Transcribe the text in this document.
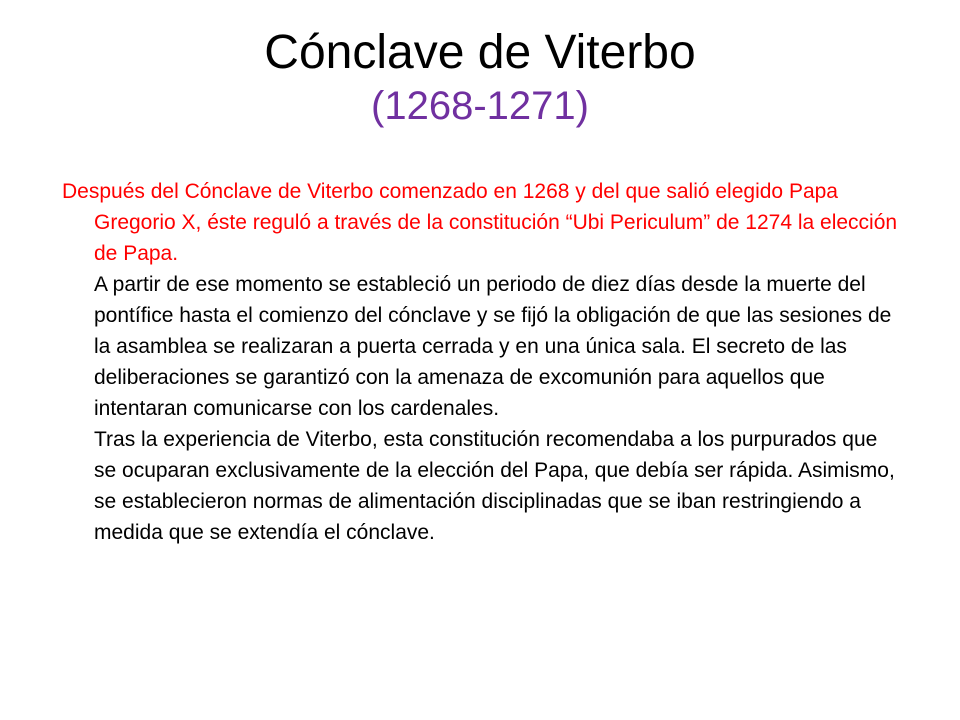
Cónclave de Viterbo
(1268-1271)

Después del Cónclave de Viterbo comenzado en 1268 y del que salió elegido Papa Gregorio X, éste reguló a través de la constitución “Ubi Periculum” de 1274 la elección de Papa.

A partir de ese momento se estableció un periodo de diez días desde la muerte del pontífice hasta el comienzo del cónclave y se fijó la obligación de que las sesiones de la asamblea se realizaran a puerta cerrada y en una única sala. El secreto de las deliberaciones se garantizó con la amenaza de excomunión para aquellos que intentaran comunicarse con los cardenales.

Tras la experiencia de Viterbo, esta constitución recomendaba a los purpurados que se ocuparan exclusivamente de la elección del Papa, que debía ser rápida. Asimismo, se establecieron normas de alimentación disciplinadas que se iban restringiendo a medida que se extendía el cónclave.
